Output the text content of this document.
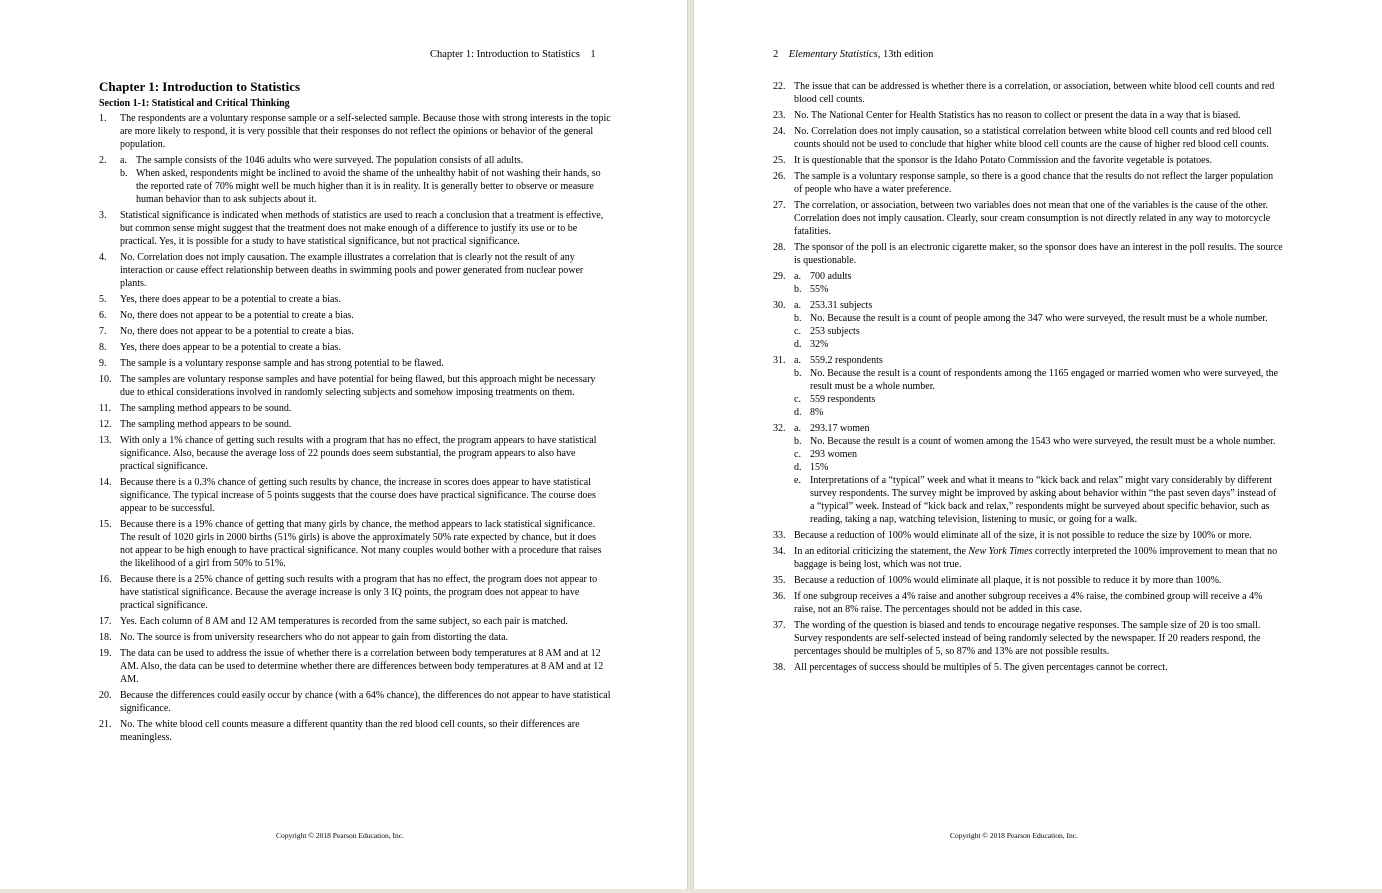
Chapter 1: Introduction to Statistics    1
Chapter 1: Introduction to Statistics
Section 1-1: Statistical and Critical Thinking
1. The respondents are a voluntary response sample or a self-selected sample. Because those with strong interests in the topic are more likely to respond, it is very possible that their responses do not reflect the opinions or behavior of the general population.
2. a. The sample consists of the 1046 adults who were surveyed. The population consists of all adults.
b. When asked, respondents might be inclined to avoid the shame of the unhealthy habit of not washing their hands, so the reported rate of 70% might well be much higher than it is in reality. It is generally better to observe or measure human behavior than to ask subjects about it.
3. Statistical significance is indicated when methods of statistics are used to reach a conclusion that a treatment is effective, but common sense might suggest that the treatment does not make enough of a difference to justify its use or to be practical. Yes, it is possible for a study to have statistical significance, but not practical significance.
4. No. Correlation does not imply causation. The example illustrates a correlation that is clearly not the result of any interaction or cause effect relationship between deaths in swimming pools and power generated from nuclear power plants.
5. Yes, there does appear to be a potential to create a bias.
6. No, there does not appear to be a potential to create a bias.
7. No, there does not appear to be a potential to create a bias.
8. Yes, there does appear to be a potential to create a bias.
9. The sample is a voluntary response sample and has strong potential to be flawed.
10. The samples are voluntary response samples and have potential for being flawed, but this approach might be necessary due to ethical considerations involved in randomly selecting subjects and somehow imposing treatments on them.
11. The sampling method appears to be sound.
12. The sampling method appears to be sound.
13. With only a 1% chance of getting such results with a program that has no effect, the program appears to have statistical significance. Also, because the average loss of 22 pounds does seem substantial, the program appears to also have practical significance.
14. Because there is a 0.3% chance of getting such results by chance, the increase in scores does appear to have statistical significance. The typical increase of 5 points suggests that the course does have practical significance. The course does appear to be successful.
15. Because there is a 19% chance of getting that many girls by chance, the method appears to lack statistical significance. The result of 1020 girls in 2000 births (51% girls) is above the approximately 50% rate expected by chance, but it does not appear to be high enough to have practical significance. Not many couples would bother with a procedure that raises the likelihood of a girl from 50% to 51%.
16. Because there is a 25% chance of getting such results with a program that has no effect, the program does not appear to have statistical significance. Because the average increase is only 3 IQ points, the program does not appear to have practical significance.
17. Yes. Each column of 8 AM and 12 AM temperatures is recorded from the same subject, so each pair is matched.
18. No. The source is from university researchers who do not appear to gain from distorting the data.
19. The data can be used to address the issue of whether there is a correlation between body temperatures at 8 AM and at 12 AM. Also, the data can be used to determine whether there are differences between body temperatures at 8 AM and at 12 AM.
20. Because the differences could easily occur by chance (with a 64% chance), the differences do not appear to have statistical significance.
21. No. The white blood cell counts measure a different quantity than the red blood cell counts, so their differences are meaningless.
Copyright © 2018 Pearson Education, Inc.
2 Elementary Statistics, 13th edition
22. The issue that can be addressed is whether there is a correlation, or association, between white blood cell counts and red blood cell counts.
23. No. The National Center for Health Statistics has no reason to collect or present the data in a way that is biased.
24. No. Correlation does not imply causation, so a statistical correlation between white blood cell counts and red blood cell counts should not be used to conclude that higher white blood cell counts are the cause of higher red blood cell counts.
25. It is questionable that the sponsor is the Idaho Potato Commission and the favorite vegetable is potatoes.
26. The sample is a voluntary response sample, so there is a good chance that the results do not reflect the larger population of people who have a water preference.
27. The correlation, or association, between two variables does not mean that one of the variables is the cause of the other. Correlation does not imply causation. Clearly, sour cream consumption is not directly related in any way to motorcycle fatalities.
28. The sponsor of the poll is an electronic cigarette maker, so the sponsor does have an interest in the poll results. The source is questionable.
29. a. 700 adults
b. 55%
30. a. 253.31 subjects
b. No. Because the result is a count of people among the 347 who were surveyed, the result must be a whole number.
c. 253 subjects
d. 32%
31. a. 559.2 respondents
b. No. Because the result is a count of respondents among the 1165 engaged or married women who were surveyed, the result must be a whole number.
c. 559 respondents
d. 8%
32. a. 293.17 women
b. No. Because the result is a count of women among the 1543 who were surveyed, the result must be a whole number.
c. 293 women
d. 15%
e. Interpretations of a “typical” week and what it means to “kick back and relax” might vary considerably by different survey respondents. The survey might be improved by asking about behavior within “the past seven days” instead of a “typical” week. Instead of “kick back and relax,” respondents might be surveyed about specific behavior, such as reading, taking a nap, watching television, listening to music, or going for a walk.
33. Because a reduction of 100% would eliminate all of the size, it is not possible to reduce the size by 100% or more.
34. In an editorial criticizing the statement, the New York Times correctly interpreted the 100% improvement to mean that no baggage is being lost, which was not true.
35. Because a reduction of 100% would eliminate all plaque, it is not possible to reduce it by more than 100%.
36. If one subgroup receives a 4% raise and another subgroup receives a 4% raise, the combined group will receive a 4% raise, not an 8% raise. The percentages should not be added in this case.
37. The wording of the question is biased and tends to encourage negative responses. The sample size of 20 is too small. Survey respondents are self-selected instead of being randomly selected by the newspaper. If 20 readers respond, the percentages should be multiples of 5, so 87% and 13% are not possible results.
38. All percentages of success should be multiples of 5. The given percentages cannot be correct.
Copyright © 2018 Pearson Education, Inc.
